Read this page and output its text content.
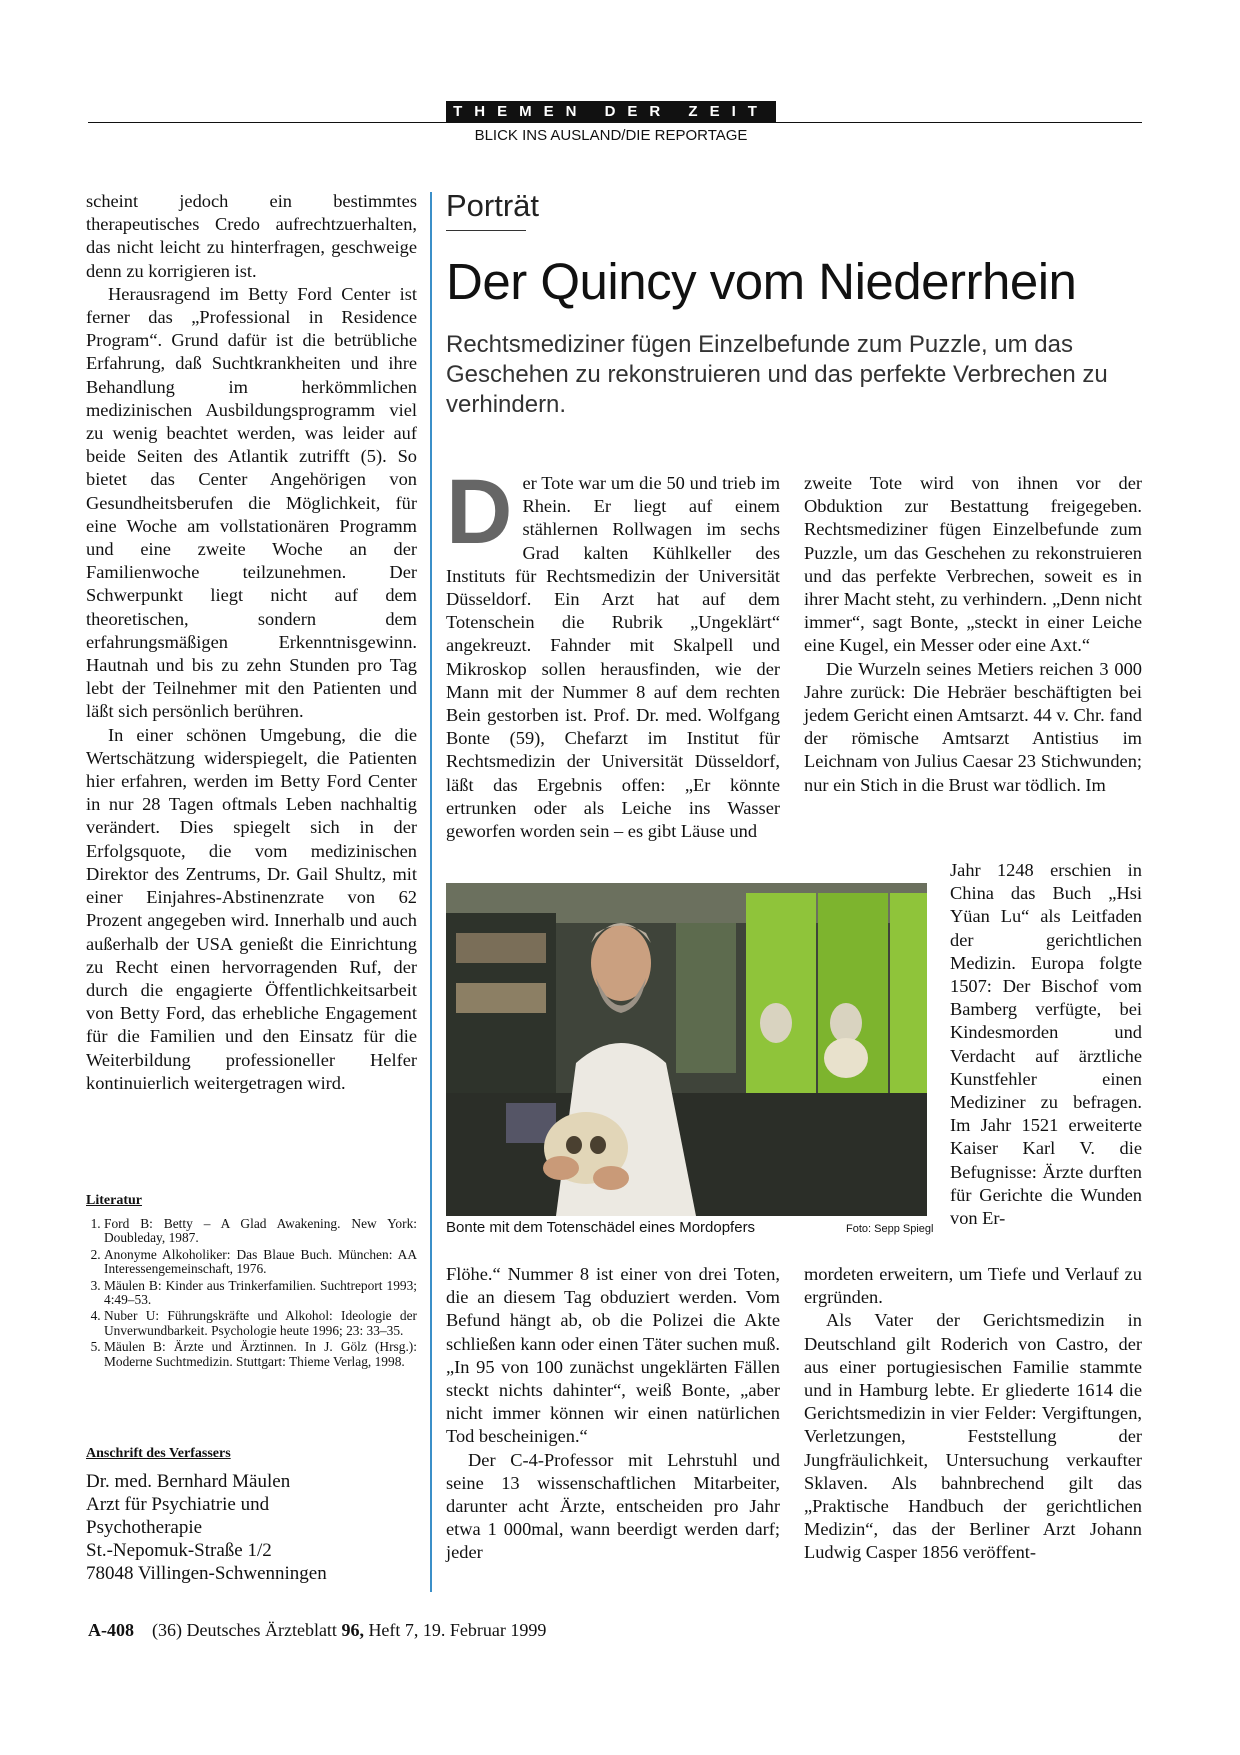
THEMEN DER ZEIT
BLICK INS AUSLAND/DIE REPORTAGE

scheint jedoch ein bestimmtes therapeutisches Credo aufrechtzuerhalten, das nicht leicht zu hinterfragen, geschweige denn zu korrigieren ist.

Herausragend im Betty Ford Center ist ferner das „Professional in Residence Program“. Grund dafür ist die betrübliche Erfahrung, daß Suchtkrankheiten und ihre Behandlung im herkömmlichen medizinischen Ausbildungsprogramm viel zu wenig beachtet werden, was leider auf beide Seiten des Atlantik zutrifft (5). So bietet das Center Angehörigen von Gesundheitsberufen die Möglichkeit, für eine Woche am vollstationären Programm und eine zweite Woche an der Familienwoche teilzunehmen. Der Schwerpunkt liegt nicht auf dem theoretischen, sondern dem erfahrungsmäßigen Erkenntnisgewinn. Hautnah und bis zu zehn Stunden pro Tag lebt der Teilnehmer mit den Patienten und läßt sich persönlich berühren.

In einer schönen Umgebung, die die Wertschätzung widerspiegelt, die Patienten hier erfahren, werden im Betty Ford Center in nur 28 Tagen oftmals Leben nachhaltig verändert. Dies spiegelt sich in der Erfolgsquote, die vom medizinischen Direktor des Zentrums, Dr. Gail Shultz, mit einer Einjahres-Abstinenzrate von 62 Prozent angegeben wird. Innerhalb und auch außerhalb der USA genießt die Einrichtung zu Recht einen hervorragenden Ruf, der durch die engagierte Öffentlichkeitsarbeit von Betty Ford, das erhebliche Engagement für die Familien und den Einsatz für die Weiterbildung professioneller Helfer kontinuierlich weitergetragen wird.

Literatur
1. Ford B: Betty – A Glad Awakening. New York: Doubleday, 1987.
2. Anonyme Alkoholiker: Das Blaue Buch. München: AA Interessengemeinschaft, 1976.
3. Mäulen B: Kinder aus Trinkerfamilien. Suchtreport 1993; 4:49–53.
4. Nuber U: Führungskräfte und Alkohol: Ideologie der Unverwundbarkeit. Psychologie heute 1996; 23: 33–35.
5. Mäulen B: Ärzte und Ärztinnen. In J. Gölz (Hrsg.): Moderne Suchtmedizin. Stuttgart: Thieme Verlag, 1998.
Anschrift des Verfassers
Dr. med. Bernhard Mäulen
Arzt für Psychiatrie und
Psychotherapie
St.-Nepomuk-Straße 1/2
78048 Villingen-Schwenningen
Porträt
Der Quincy vom Niederrhein
Rechtsmediziner fügen Einzelbefunde zum Puzzle, um das Geschehen zu rekonstruieren und das perfekte Verbrechen zu verhindern.

Der Tote war um die 50 und trieb im Rhein. Er liegt auf einem stählernen Rollwagen im sechs Grad kalten Kühlkeller des Instituts für Rechtsmedizin der Universität Düsseldorf. Ein Arzt hat auf dem Totenschein die Rubrik „Ungeklärt“ angekreuzt. Fahnder mit Skalpell und Mikroskop sollen herausfinden, wie der Mann mit der Nummer 8 auf dem rechten Bein gestorben ist. Prof. Dr. med. Wolfgang Bonte (59), Chefarzt im Institut für Rechtsmedizin der Universität Düsseldorf, läßt das Ergebnis offen: „Er könnte ertrunken oder als Leiche ins Wasser geworfen worden sein – es gibt Läuse und

Bonte mit dem Totenschädel eines Mordopfers	Foto: Sepp Spiegl

Flöhe.“ Nummer 8 ist einer von drei Toten, die an diesem Tag obduziert werden. Vom Befund hängt ab, ob die Polizei die Akte schließen kann oder einen Täter suchen muß. „In 95 von 100 zunächst ungeklärten Fällen steckt nichts dahinter“, weiß Bonte, „aber nicht immer können wir einen natürlichen Tod bescheinigen.“

Der C-4-Professor mit Lehrstuhl und seine 13 wissenschaftlichen Mitarbeiter, darunter acht Ärzte, entscheiden pro Jahr etwa 1 000mal, wann beerdigt werden darf; jeder

zweite Tote wird von ihnen vor der Obduktion zur Bestattung freigegeben. Rechtsmediziner fügen Einzelbefunde zum Puzzle, um das Geschehen zu rekonstruieren und das perfekte Verbrechen, soweit es in ihrer Macht steht, zu verhindern. „Denn nicht immer“, sagt Bonte, „steckt in einer Leiche eine Kugel, ein Messer oder eine Axt.“

Die Wurzeln seines Metiers reichen 3 000 Jahre zurück: Die Hebräer beschäftigten bei jedem Gericht einen Amtsarzt. 44 v. Chr. fand der römische Amtsarzt Antistius im Leichnam von Julius Caesar 23 Stichwunden; nur ein Stich in die Brust war tödlich. Im

Jahr 1248 erschien in China das Buch „Hsi Yüan Lu“ als Leitfaden der gerichtlichen Medizin. Europa folgte 1507: Der Bischof vom Bamberg verfügte, bei Kindesmorden und Verdacht auf ärztliche Kunstfehler einen Mediziner zu befragen. Im Jahr 1521 erweiterte Kaiser Karl V. die Befugnisse: Ärzte durften für Gerichte die Wunden von Er-

mordeten erweitern, um Tiefe und Verlauf zu ergründen.

Als Vater der Gerichtsmedizin in Deutschland gilt Roderich von Castro, der aus einer portugiesischen Familie stammte und in Hamburg lebte. Er gliederte 1614 die Gerichtsmedizin in vier Felder: Vergiftungen, Verletzungen, Feststellung der Jungfräulichkeit, Untersuchung verkaufter Sklaven. Als bahnbrechend gilt das „Praktische Handbuch der gerichtlichen Medizin“, das der Berliner Arzt Johann Ludwig Casper 1856 veröffent-

A-408 (36) Deutsches Ärzteblatt 96, Heft 7, 19. Februar 1999
